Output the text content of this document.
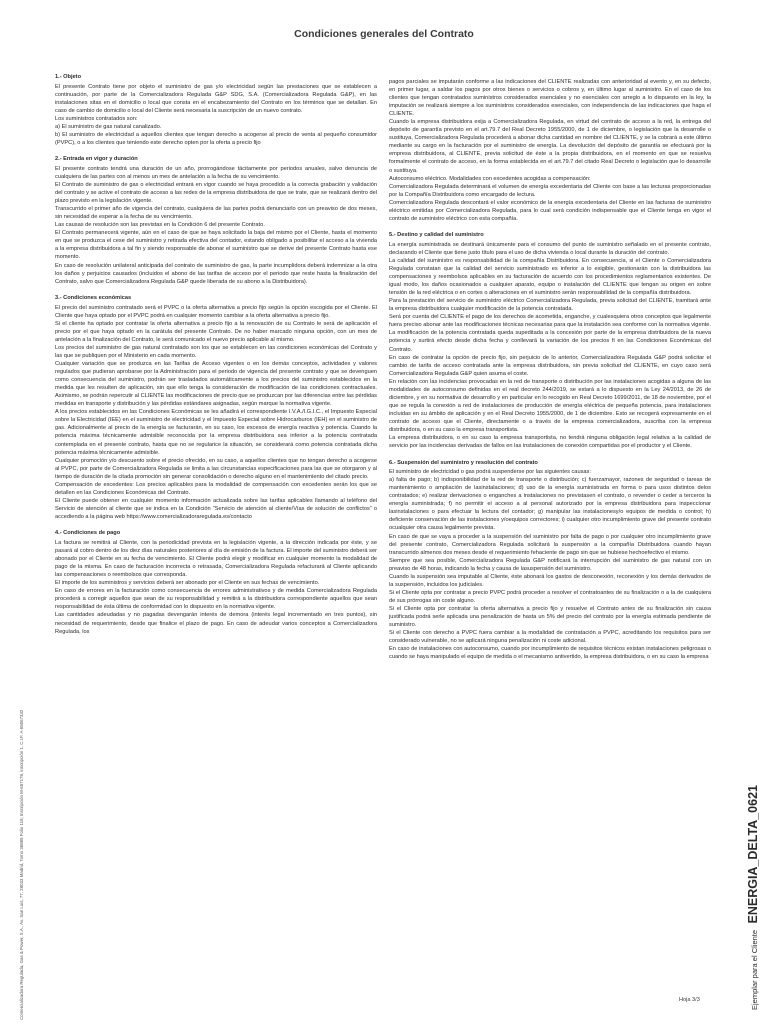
Condiciones generales del Contrato
1.- Objeto

El presente Contrato tiene por objeto el suministro de gas y/o electricidad según las prestaciones que se establecen a continuación, por parte de la Comercializadora Regulada G&P SDG, S.A. (Comercializadora Regulada G&P), en las instalaciones sitas en el domicilio o local que consta en el encabezamiento del Contrato en los términos que se detallan. En caso de cambio de domicilio o local del Cliente será necesaria la suscripción de un nuevo contrato.

Los suministros contratados son:

a) El suministro de gas natural canalizado.

b) El suministro de electricidad a aquellos clientes que tengan derecho a acogerse al precio de venta al pequeño consumidor (PVPC), o a los clientes que teniendo este derecho opten por la oferta a precio fijo

2.- Entrada en vigor y duración

El presente contrato tendrá una duración de un año, prorrogándose tácitamente por periodos anuales, salvo denuncia de cualquiera de las partes con al menos un mes de antelación a la fecha de su vencimiento.

El Contrato de suministro de gas o electricidad entrará en vigor cuando se haya procedido a la correcta grabación y validación del contrato y se active el contrato de acceso a las redes de la empresa distribuidora de que se trate, que se realizará dentro del plazo previsto en la legislación vigente.

Transcurrido el primer año de vigencia del contrato, cualquiera de las partes podrá denunciarlo con un preaviso de dos meses, sin necesidad de esperar a la fecha de su vencimiento.

Las causas de resolución son las previstas en la Condición 6 del presente Contrato.

El Contrato permanecerá vigente, aún en el caso de que se haya solicitado la baja del mismo por el Cliente, hasta el momento en que se produzca el cese del suministro y retirada efectiva del contador, estando obligado a posibilitar el acceso a la vivienda a la empresa distribuidora a tal fin y siendo responsable de abonar el suministro que se derive del presente Contrato hasta ese momento.

En caso de resolución unilateral anticipada del contrato de suministro de gas, la parte incumplidora deberá indemnizar a la otra los daños y perjuicios causados (incluidos el abono de las tarifas de acceso por el periodo que reste hasta la finalización del Contrato, salvo que Comercializadora Regulada G&P quede liberada de su abono a la Distribuidora).

3.- Condiciones económicas

El precio del suministro contratado será el PVPC o la oferta alternativa a precio fijo según la opción escogida por el Cliente. El Cliente que haya optado por el PVPC podrá en cualquier momento cambiar a la oferta alternativa a precio fijo.

Si el cliente ha optado por contratar la oferta alternativa a precio fijo a la renovación de su Contrato le será de aplicación el precio por el que haya optado en la carátula del presente Contrato. De no haber marcado ninguna opción, con un mes de antelación a la finalización del Contrato, le será comunicado el nuevo precio aplicable al mismo.

Los precios del suministro de gas natural contratado son los que se establecen en las condiciones económicas del Contrato y las que se publiquen por el Ministerio en cada momento.

Cualquier variación que se produzca en las Tarifas de Acceso vigentes o en los demás conceptos, actividades y valores regulados que pudieran aprobarse por la Administración para el periodo de vigencia del presente contrato y que se devenguen como consecuencia del suministro, podrán ser trasladados automáticamente a los precios del suministro establecidos en la medida que les resulten de aplicación, sin que ello tenga la consideración de modificación de las condiciones contractuales. Asimismo, se podrán repercutir al CLIENTE las modificaciones de precio que se produzcan por las diferencias entre las pérdidas medidas en transporte y distribución y las pérdidas estándares asignadas, según marque la normativa vigente.

A los precios establecidos en las Condiciones Económicas se les añadirá el correspondiente I.V.A./I.G.I.C., el Impuesto Especial sobre la Electricidad (IEE) en el suministro de electricidad y el Impuesto Especial sobre Hidrocarburos (IEH) en el suministro de gas. Adicionalmente al precio de la energía se facturarán, en su caso, los excesos de energía reactiva y potencia. Cuando la potencia máxima técnicamente admisible reconocida por la empresa distribuidora sea inferior a la potencia contratada contemplada en el presente contrato, hasta que no se regularice la situación, se considerará como potencia contratada dicha potencia máxima técnicamente admisible.

Cualquier promoción y/o descuento sobre el precio ofrecido, en su caso, a aquellos clientes que no tengan derecho a acogerse al PVPC, por parte de Comercializadora Regulada se limita a las circunstancias especificaciones para las que se otorgaron y al tiempo de duración de la citada promoción sin generar consolidación o derecho alguno en el mantenimiento del citado precio.

Compensación de excedentes: Los precios aplicables para la modalidad de compensación con excedentes serán los que se detallen en las Condiciones Económicas del Contrato.

El Cliente puede obtener en cualquier momento información actualizada sobre las tarifas aplicables llamando al teléfono del Servicio de atención al cliente que se indica en la Condición “Servicio de atención al cliente/Vías de solución de conflictos” o accediendo a la página web https://www.comercializadoraregulada.es/contacto

4.- Condiciones de pago

La factura se remitirá al Cliente, con la periodicidad prevista en la legislación vigente, a la dirección indicada por éste, y se pasará al cobro dentro de los diez días naturales posteriores al día de emisión de la factura. El importe del suministro deberá ser abonado por el Cliente en su fecha de vencimiento. El Cliente podrá elegir y modificar en cualquier momento la modalidad de pago de la misma. En caso de facturación incorrecta o retrasada, Comercializadora Regulada refacturará al Cliente aplicando las compensaciones o reembolsos que corresponda.

El importe de los suministros y servicios deberá ser abonado por el Cliente en sus fechas de vencimiento.

En caso de errores en la facturación como consecuencia de errores administrativos y de medida Comercializadora Regulada procederá a corregir aquellos que sean de su responsabilidad y remitirá a la distribuidora correspondiente aquellos que sean responsabilidad de ésta última de conformidad con lo dispuesto en la normativa vigente.

Las cantidades adeudadas y no pagadas devengarán interés de demora (interés legal incrementado en tres puntos), sin necesidad de requerimiento, desde que finalice el plazo de pago. En caso de adeudar varios conceptos a Comercializadora Regulada, los

pagos parciales se imputarán conforme a las indicaciones del CLIENTE realizadas con anterioridad al evento y, en su defecto, en primer lugar, a saldar los pagos por otros bienes o servicios o cobros y, en último lugar al suministro. En el caso de los clientes que tengan contratados suministros considerados esenciales y no esenciales con arreglo a lo dispuesto en la ley, la imputación se realizará siempre a los suministros considerados esenciales, con independencia de las indicaciones que haga el CLIENTE.

Cuando la empresa distribuidora exija a Comercializadora Regulada, en virtud del contrato de acceso a la red, la entrega del depósito de garantía previsto en el art.79.7 del Real Decreto 1955/2000, de 1 de diciembre, o legislación que la desarrolle o sustituya, Comercializadora Regulada procederá a abonar dicha cantidad en nombre del CLIENTE, y se la cobrará a este último mediante su cargo en la facturación por el suministro de energía. La devolución del depósito de garantía se efectuará por la empresa distribuidora, al CLIENTE, previa solicitud de éste a la propia distribuidora, en el momento en que se resuelva formalmente el contrato de acceso, en la forma establecida en el art.79.7 del citado Real Decreto o legislación que lo desarrolle o sustituya.

Autoconsumo eléctrico. Modalidades con excedentes acogidas a compensación:

Comercializadora Regulada determinará el volumen de energía excedentaria del Cliente con base a las lecturas proporcionadas por la Compañía Distribuidora como encargado de lectura.

Comercializadora Regulada descontará el valor económico de la energía excedentaria del Cliente en las facturas de suministro eléctrico emitidas por Comercializadora Regulada, para lo cual será condición indispensable que el Cliente tenga en vigor el contrato de suministro eléctrico con esta compañía.

5.- Destino y calidad del suministro

La energía suministrada se destinará únicamente para el consumo del punto de suministro señalado en el presente contrato, declarando el Cliente que tiene justo título para el uso de dicha vivienda o local durante la duración del contrato.

La calidad del suministro es responsabilidad de la compañía Distribuidora. En consecuencia, si el Cliente o Comercializadora Regulada constatan que la calidad del servicio suministrado es inferior a lo exigible, gestionarán con la distribuidora las compensaciones y reembolsos aplicables en su facturación de acuerdo con los procedimientos reglamentarios existentes. De igual modo, los daños ocasionados a cualquier aparato, equipo o instalación del CLIENTE que tengan su origen en sobre tensión de la red eléctrica o en cortes o alteraciones en el suministro serán responsabilidad de la compañía distribuidora.

Para la prestación del servicio de suministro eléctrico Comercializadora Regulada, previa solicitud del CLIENTE, tramitará ante la empresa distribuidora cualquier modificación de la potencia contratada.

Será por cuenta del CLIENTE el pago de los derechos de acometida, enganche, y cualesquiera otros conceptos que legalmente fuera preciso abonar ante las modificaciones técnicas necesarias para que la instalación sea conforme con la normativa vigente. La modificación de la potencia contratada queda supeditada a la concesión por parte de la empresa distribuidora de la nueva potencia y surtirá efecto desde dicha fecha y conllevará la variación de los precios fi en las Condiciones Económicas del Contrato.

En caso de contratar la opción de precio fijo, sin perjuicio de lo anterior, Comercializadora Regulada G&P podrá solicitar el cambio de tarifa de acceso contratada ante la empresa distribuidora, sin previa solicitud del CLIENTE, en cuyo caso será Comercializadora Regulada G&P quien asuma el coste.

En relación con las incidencias provocadas en la red de transporte o distribución por las instalaciones acogidas a alguna de las modalidades de autoconsumo definidas en el real decreto 244/2019, se estará a lo dispuesto en la Ley 24/2013, de 26 de diciembre, y en su normativa de desarrollo y en particular en lo recogido en Real Decreto 1699/2011, de 18 de noviembre, por el que se regula la conexión a red de instalaciones de producción de energía eléctrica de pequeña potencia, para instalaciones incluidas en su ámbito de aplicación y en el Real Decreto 1955/2000, de 1 de diciembre. Esto se recogerá expresamente en el contrato de acceso que el Cliente, directamente o a través de la empresa comercializadora, suscriba con la empresa distribuidora, o en su caso la empresa transportista.

La empresa distribuidora, o en su caso la empresa transportista, no tendrá ninguna obligación legal relativa a la calidad de servicio por las incidencias derivadas de fallos en las instalaciones de conexión compartidas por el productor y el Cliente.

6.- Suspensión del suministro y resolución del contrato

El suministro de electricidad o gas podrá suspenderse por las siguientes causas:

a) falta de pago; b) indisponibilidad de la red de transporte o distribución; c) fuerzamayor, razones de seguridad o tareas de mantenimiento o ampliación de lasinstalaciones; d) uso de la energía suministrada en forma o para usos distintos delos contratados; e) realizar derivaciones o enganches a instalaciones no previstasen el contrato, o revender o ceder a terceros la energía suministrada; f) no permitir el acceso a al personal autorizado por la empresa distribuidora para inspeccionar lasinstalaciones o para efectuar la lectura del contador; g) manipular las instalacionesy/o equipos de medida o control; h) deficiente conservación de las instalaciones y/oequipos correctores; i) cualquier otro incumplimiento grave del presente contrato ocualquier otra causa legalmente prevista.

En caso de que se vaya a proceder a la suspensión del suministro por falta de pago o por cualquier otro incumplimiento grave del presente contrato, Comercializadora Regulada solicitará la suspensión a la compañía Distribuidora cuando hayan transcurrido almenos dos meses desde el requerimiento fehaciente de pago sin que se hubiese hechoefectivo el mismo.

Siempre que sea posible, Comercializadora Regulada G&P notificará la interrupción del suministro de gas natural con un preaviso de 48 horas, indicando la fecha y causa de lasuspensión del suministro.

Cuando la suspensión sea imputable al Cliente, éste abonará los gastos de desconexión, reconexión y los demás derivados de la suspensión, incluidos los judiciales.

Si el Cliente opta por contratar a precio PVPC podrá proceder a resolver el contratoantes de su finalización o a la de cualquiera de sus prórrogas sin coste alguno.

Si el Cliente opta por contratar la oferta alternativa a precio fijo y resuelve el Contrato antes de su finalización sin causa justificada podrá serle aplicada una penalización de hasta un 5% del precio del contrato por la energía estimada pendiente de suministro.

Si el Cliente con derecho a PVPC fuera cambiar a la modalidad de contratación a PVPC, acreditando los requisitos para ser considerado vulnerable, no se aplicará ninguna penalización ni coste adicional.

En caso de instalaciones con autoconsumo, cuando por incumplimiento de requisitos técnicos existan instalaciones peligrosas o cuando se haya manipulado el equipo de medida o el mecanismo antivertido, la empresa distribuidora, o en su caso la empresa

Comercializadora Regulada, Gas & Power, S.A., Av. San Luis, 77, 28033 Madrid, Tomo 36885 Folio 118, Inscripción M-657178, inscripción 1. C.I.F. A-65067332	Ejemplar para el Cliente ENERGIA_DELTA_0621
Hoja 3/3
